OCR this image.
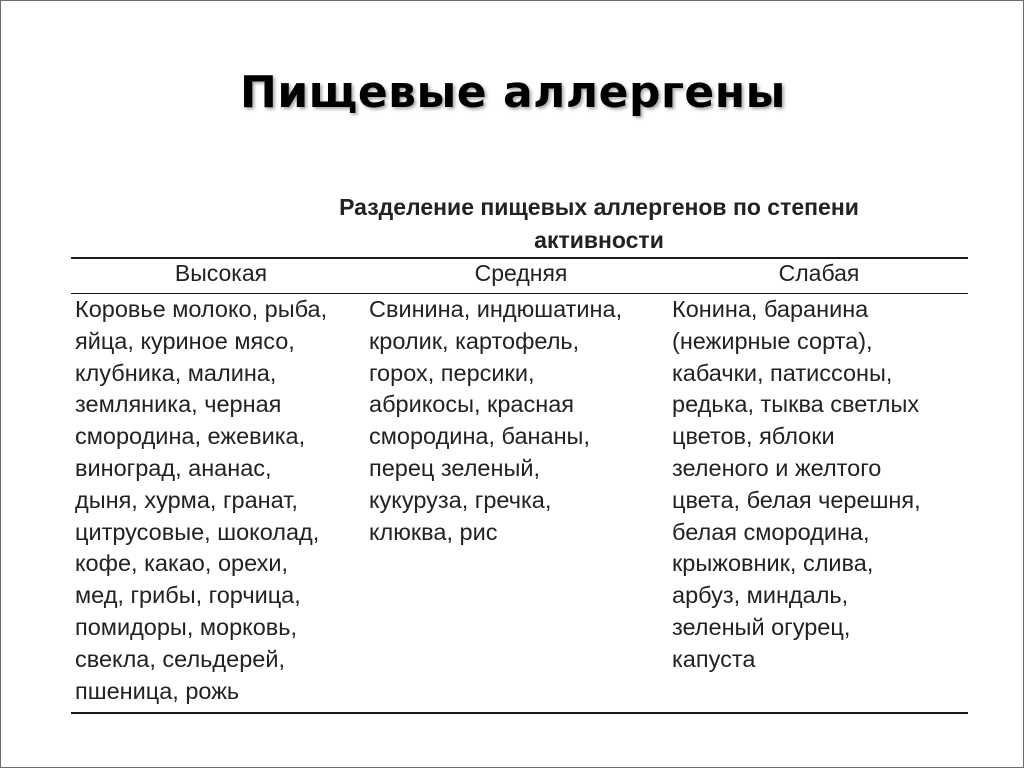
Пищевые аллергены
Разделение пищевых аллергенов по степени
активности
Высокая	Средняя	Слабая
Коровье молоко, рыба,
яйца, куриное мясо,
клубника, малина,
земляника, черная
смородина, ежевика,
виноград, ананас,
дыня, хурма, гранат,
цитрусовые, шоколад,
кофе, какао, орехи,
мед, грибы, горчица,
помидоры, морковь,
свекла, сельдерей,
пшеница, рожь
Свинина, индюшатина,
кролик, картофель,
горох, персики,
абрикосы, красная
смородина, бананы,
перец зеленый,
кукуруза, гречка,
клюква, рис
Конина, баранина
(нежирные сорта),
кабачки, патиссоны,
редька, тыква светлых
цветов, яблоки
зеленого и желтого
цвета, белая черешня,
белая смородина,
крыжовник, слива,
арбуз, миндаль,
зеленый огурец,
капуста
